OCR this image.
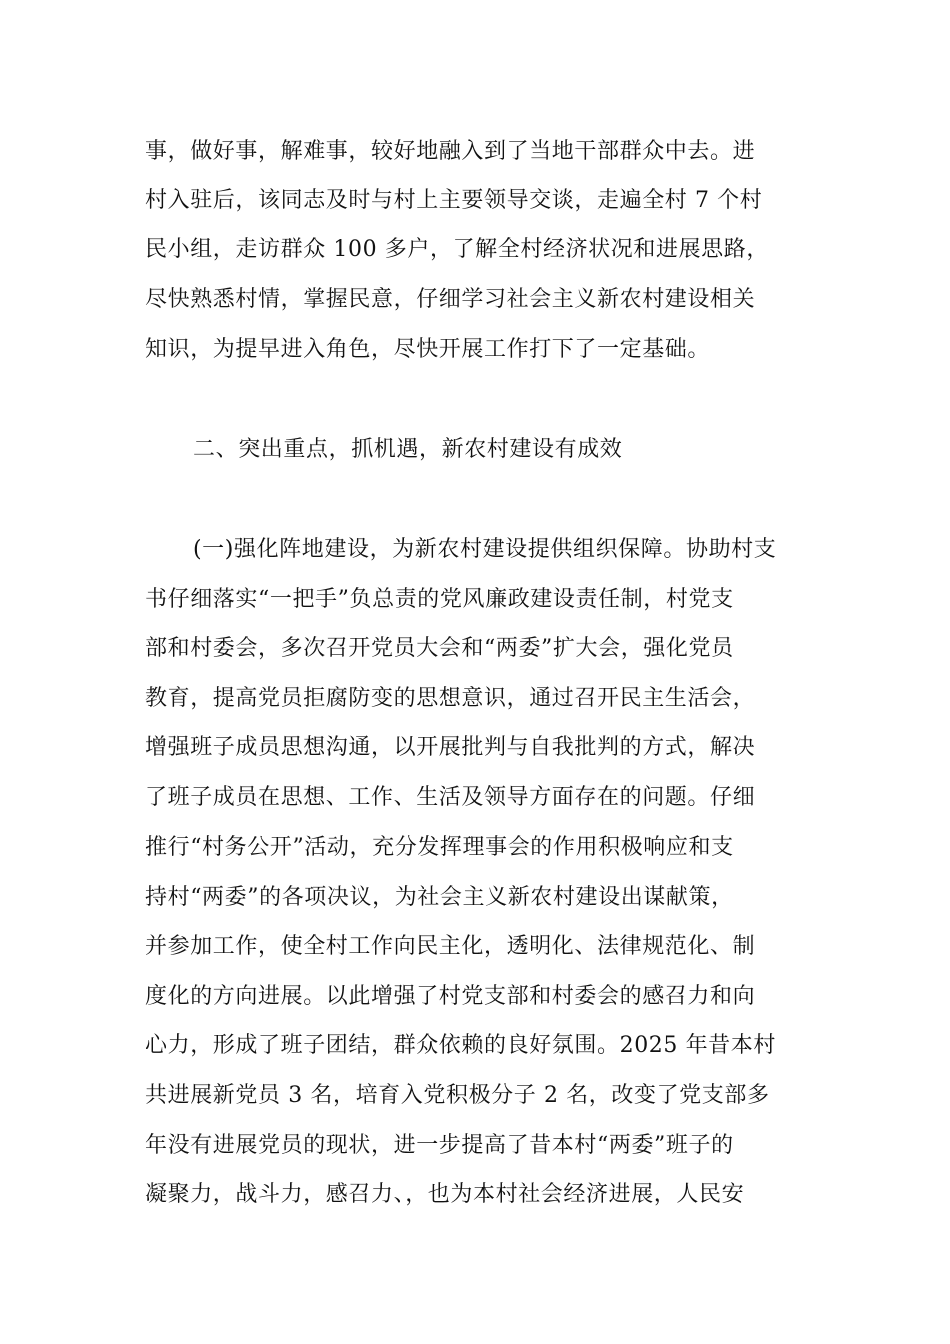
事，做好事，解难事，较好地融入到了当地干部群众中去。进
村入驻后，该同志及时与村上主要领导交谈，走遍全村 7 个村
民小组，走访群众 100 多户，了解全村经济状况和进展思路，
尽快熟悉村情，掌握民意，仔细学习社会主义新农村建设相关
知识，为提早进入角色，尽快开展工作打下了一定基础。
二、突出重点，抓机遇，新农村建设有成效
(一)强化阵地建设，为新农村建设提供组织保障。协助村支
书仔细落实“一把手”负总责的党风廉政建设责任制，村党支
部和村委会，多次召开党员大会和“两委”扩大会，强化党员
教育，提高党员拒腐防变的思想意识，通过召开民主生活会，
增强班子成员思想沟通，以开展批判与自我批判的方式，解决
了班子成员在思想、工作、生活及领导方面存在的问题。仔细
推行“村务公开”活动，充分发挥理事会的作用积极响应和支
持村“两委”的各项决议，为社会主义新农村建设出谋献策，
并参加工作，使全村工作向民主化，透明化、法律规范化、制
度化的方向进展。以此增强了村党支部和村委会的感召力和向
心力，形成了班子团结，群众依赖的良好氛围。2025 年昔本村
共进展新党员 3 名，培育入党积极分子 2 名，改变了党支部多
年没有进展党员的现状，进一步提高了昔本村“两委”班子的
凝聚力，战斗力，感召力、，也为本村社会经济进展，人民安
